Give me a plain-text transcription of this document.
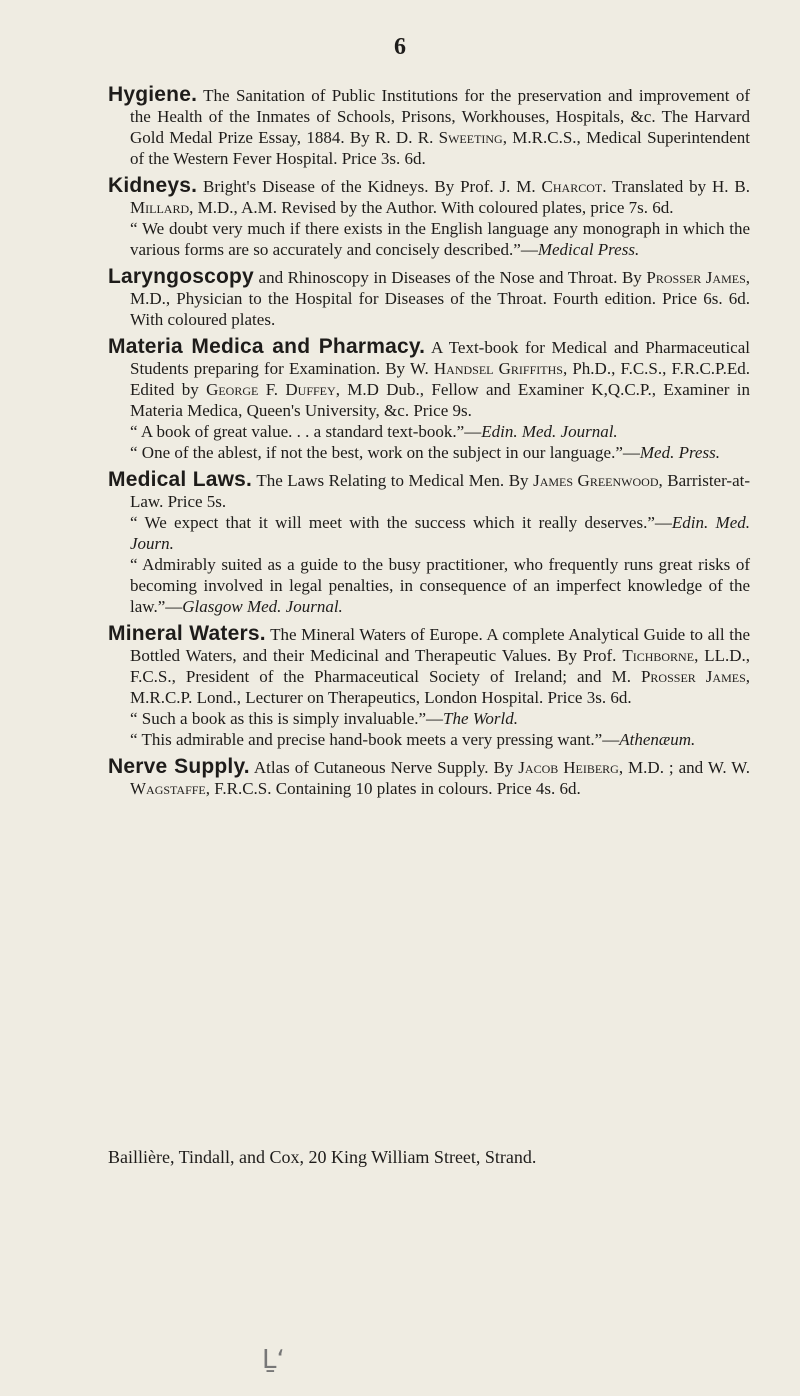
6

Hygiene. The Sanitation of Public Institutions for the preservation and improvement of the Health of the Inmates of Schools, Prisons, Workhouses, Hospitals, &c. The Harvard Gold Medal Prize Essay, 1884. By R. D. R. Sweeting, M.R.C.S., Medical Superintendent of the Western Fever Hospital. Price 3s. 6d.

Kidneys. Bright's Disease of the Kidneys. By Prof. J. M. Charcot. Translated by H. B. Millard, M.D., A.M. Revised by the Author. With coloured plates, price 7s. 6d.

“ We doubt very much if there exists in the English language any monograph in which the various forms are so accurately and concisely described.”—Medical Press.

Laryngoscopy and Rhinoscopy in Diseases of the Nose and Throat. By Prosser James, M.D., Physician to the Hospital for Diseases of the Throat. Fourth edition. Price 6s. 6d. With coloured plates.

Materia Medica and Pharmacy. A Text-book for Medical and Pharmaceutical Students preparing for Examination. By W. Handsel Griffiths, Ph.D., F.C.S., F.R.C.P.Ed. Edited by George F. Duffey, M.D Dub., Fellow and Examiner K,Q.C.P., Examiner in Materia Medica, Queen's University, &c. Price 9s.

“ A book of great value. . . a standard text-book.”—Edin. Med. Journal.

“ One of the ablest, if not the best, work on the subject in our language.”—Med. Press.

Medical Laws. The Laws Relating to Medical Men. By James Greenwood, Barrister-at-Law. Price 5s.

“ We expect that it will meet with the success which it really deserves.”—Edin. Med. Journ.

“ Admirably suited as a guide to the busy practitioner, who frequently runs great risks of becoming involved in legal penalties, in consequence of an imperfect knowledge of the law.”—Glasgow Med. Journal.

Mineral Waters. The Mineral Waters of Europe. A complete Analytical Guide to all the Bottled Waters, and their Medicinal and Therapeutic Values. By Prof. Tichborne, LL.D., F.C.S., President of the Pharmaceutical Society of Ireland; and M. Prosser James, M.R.C.P. Lond., Lecturer on Therapeutics, London Hospital. Price 3s. 6d.

“ Such a book as this is simply invaluable.”—The World.

“ This admirable and precise hand-book meets a very pressing want.”—Athenæum.

Nerve Supply. Atlas of Cutaneous Nerve Supply. By Jacob Heiberg, M.D. ; and W. W. Wagstaffe, F.R.C.S. Containing 10 plates in colours. Price 4s. 6d.

Baillière, Tindall, and Cox, 20 King William Street, Strand.
Ḻʻ
